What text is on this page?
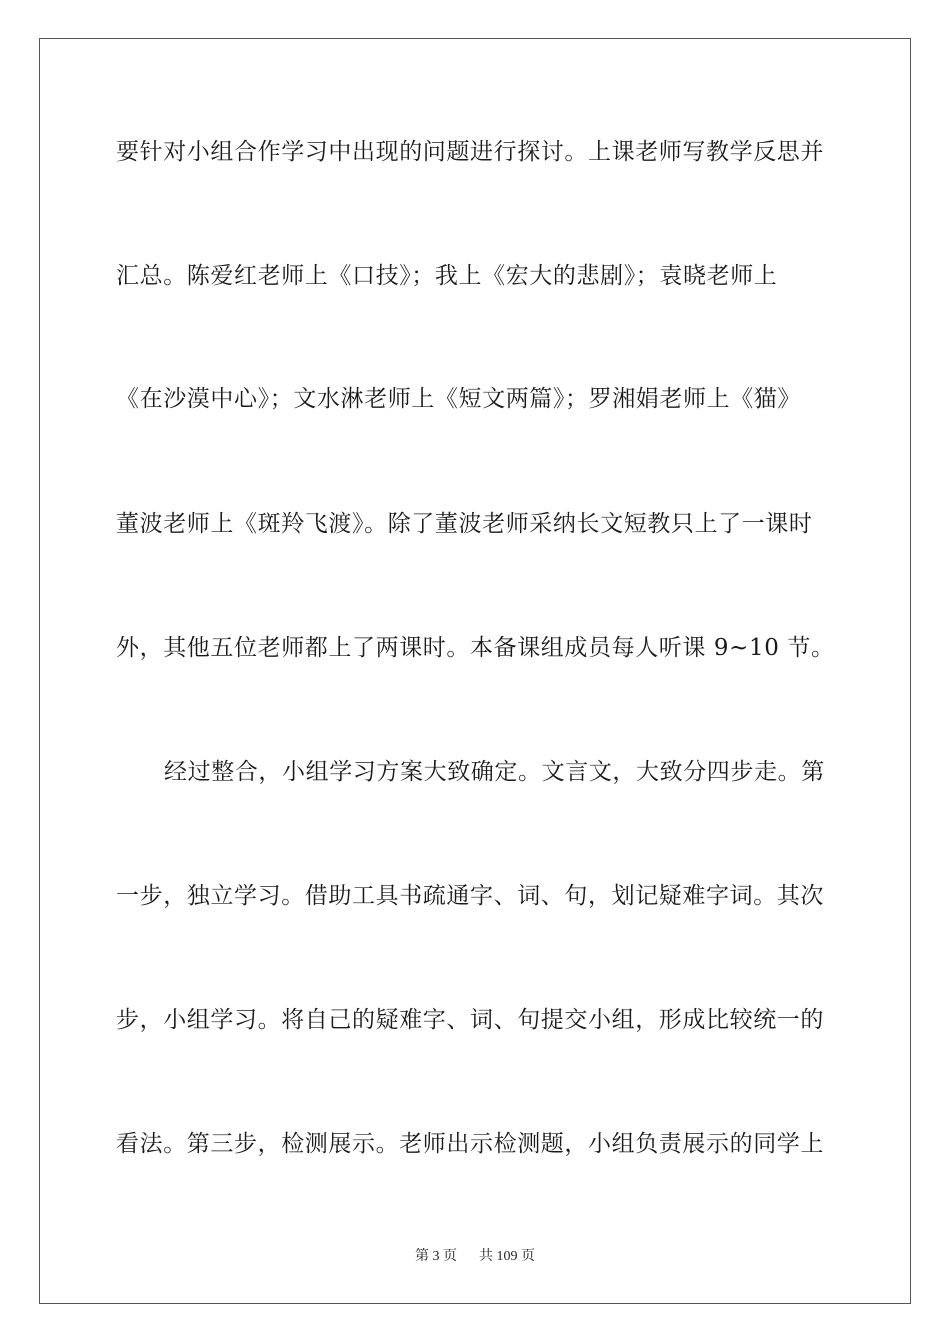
要针对小组合作学习中出现的问题进行探讨。上课老师写教学反思并
汇总。陈爱红老师上《口技》；我上《宏大的悲剧》；袁晓老师上
《在沙漠中心》；文水淋老师上《短文两篇》；罗湘娟老师上《猫》
董波老师上《斑羚飞渡》。除了董波老师采纳长文短教只上了一课时
外，其他五位老师都上了两课时。本备课组成员每人听课 9~10 节。
经过整合，小组学习方案大致确定。文言文，大致分四步走。第
一步，独立学习。借助工具书疏通字、词、句，划记疑难字词。其次
步，小组学习。将自己的疑难字、词、句提交小组，形成比较统一的
看法。第三步，检测展示。老师出示检测题，小组负责展示的同学上
第 3 页 共 109 页
